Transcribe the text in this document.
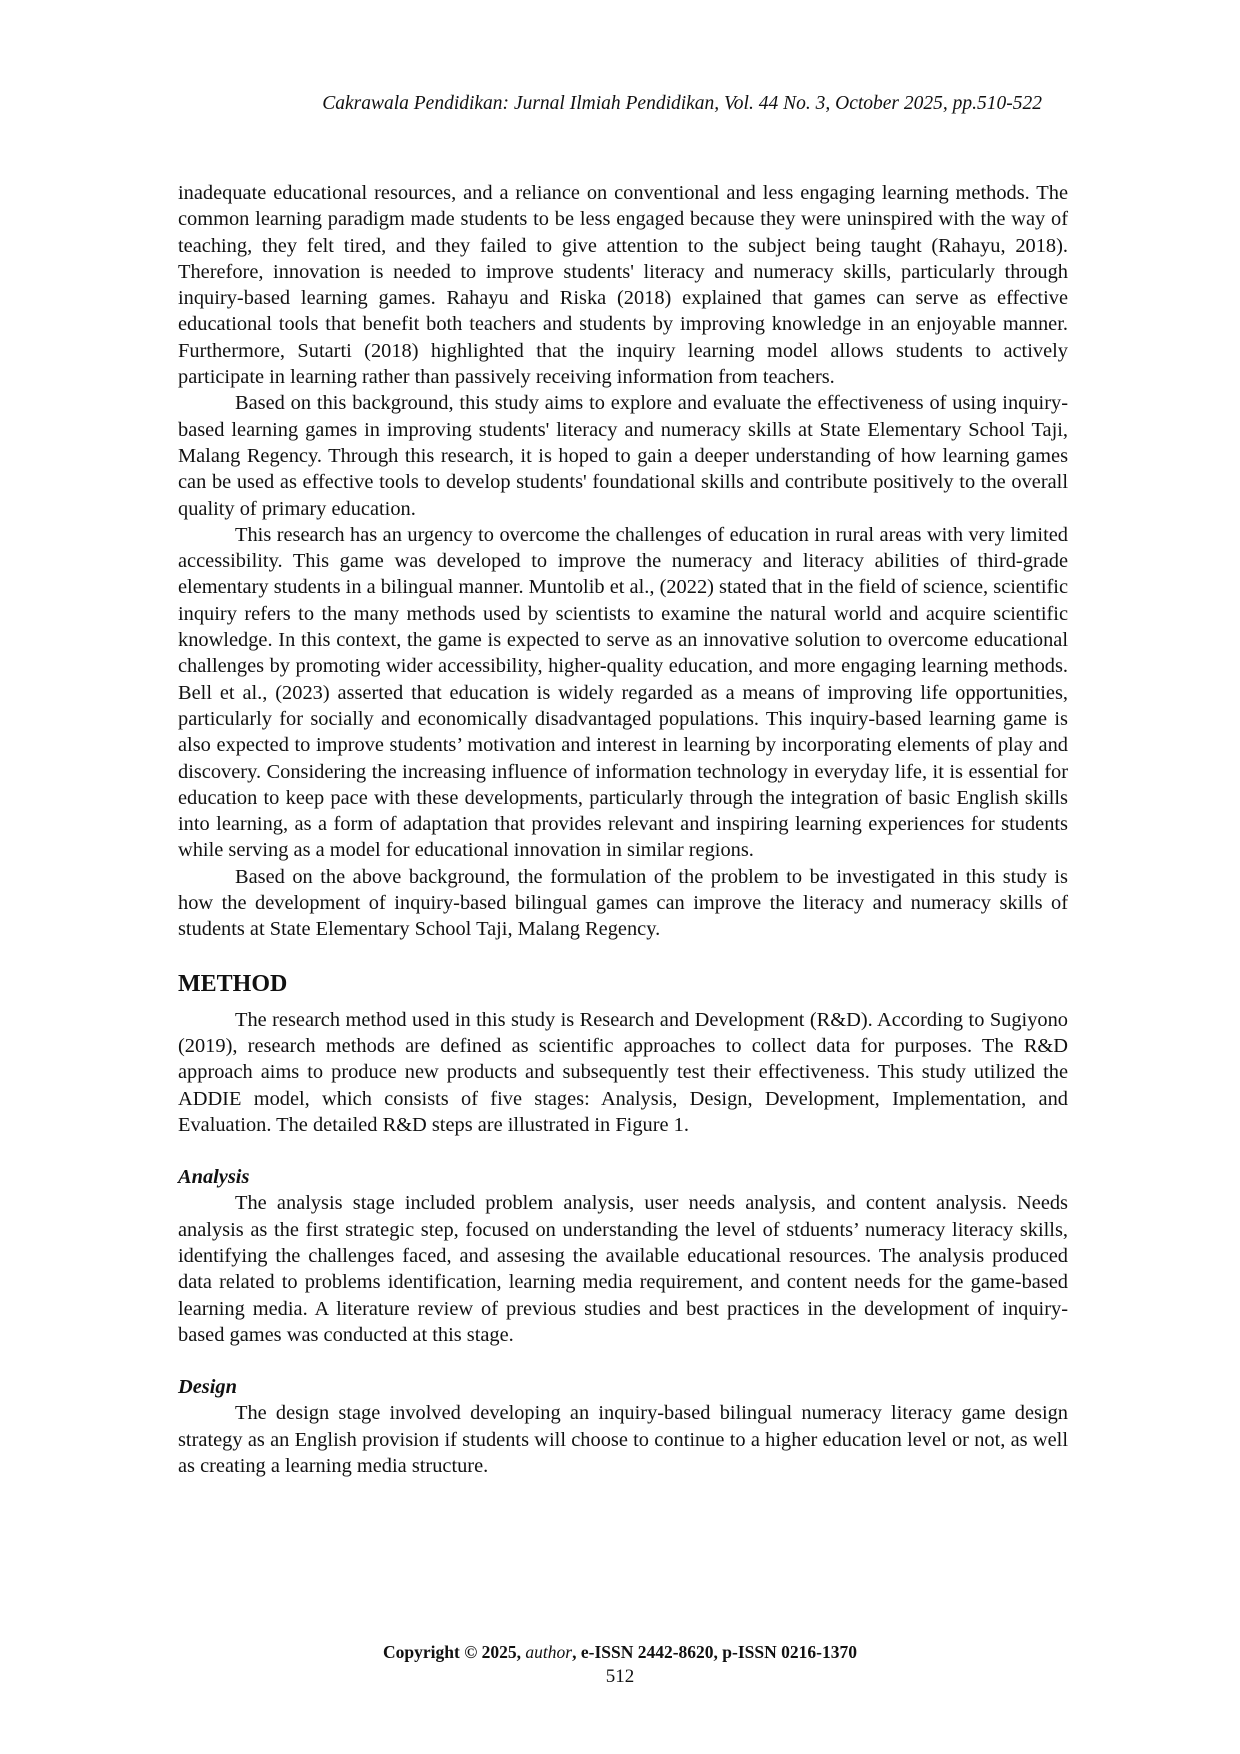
Cakrawala Pendidikan: Jurnal Ilmiah Pendidikan, Vol. 44 No. 3, October 2025, pp.510-522

inadequate educational resources, and a reliance on conventional and less engaging learning methods. The common learning paradigm made students to be less engaged because they were uninspired with the way of teaching, they felt tired, and they failed to give attention to the subject being taught (Rahayu, 2018). Therefore, innovation is needed to improve students' literacy and numeracy skills, particularly through inquiry-based learning games. Rahayu and Riska (2018) explained that games can serve as effective educational tools that benefit both teachers and students by improving knowledge in an enjoyable manner. Furthermore, Sutarti (2018) highlighted that the inquiry learning model allows students to actively participate in learning rather than passively receiving information from teachers.

Based on this background, this study aims to explore and evaluate the effectiveness of using inquiry-based learning games in improving students' literacy and numeracy skills at State Elementary School Taji, Malang Regency. Through this research, it is hoped to gain a deeper understanding of how learning games can be used as effective tools to develop students' foundational skills and contribute positively to the overall quality of primary education.

This research has an urgency to overcome the challenges of education in rural areas with very limited accessibility. This game was developed to improve the numeracy and literacy abilities of third-grade elementary students in a bilingual manner. Muntolib et al., (2022) stated that in the field of science, scientific inquiry refers to the many methods used by scientists to examine the natural world and acquire scientific knowledge. In this context, the game is expected to serve as an innovative solution to overcome educational challenges by promoting wider accessibility, higher-quality education, and more engaging learning methods. Bell et al., (2023) asserted that education is widely regarded as a means of improving life opportunities, particularly for socially and economically disadvantaged populations. This inquiry-based learning game is also expected to improve students’ motivation and interest in learning by incorporating elements of play and discovery. Considering the increasing influence of information technology in everyday life, it is essential for education to keep pace with these developments, particularly through the integration of basic English skills into learning, as a form of adaptation that provides relevant and inspiring learning experiences for students while serving as a model for educational innovation in similar regions.

Based on the above background, the formulation of the problem to be investigated in this study is how the development of inquiry-based bilingual games can improve the literacy and numeracy skills of students at State Elementary School Taji, Malang Regency.

METHOD

The research method used in this study is Research and Development (R&D). According to Sugiyono (2019), research methods are defined as scientific approaches to collect data for purposes. The R&D approach aims to produce new products and subsequently test their effectiveness. This study utilized the ADDIE model, which consists of five stages: Analysis, Design, Development, Implementation, and Evaluation. The detailed R&D steps are illustrated in Figure 1.

Analysis

The analysis stage included problem analysis, user needs analysis, and content analysis. Needs analysis as the first strategic step, focused on understanding the level of stduents’ numeracy literacy skills, identifying the challenges faced, and assesing the available educational resources. The analysis produced data related to problems identification, learning media requirement, and content needs for the game-based learning media. A literature review of previous studies and best practices in the development of inquiry-based games was conducted at this stage.

Design

The design stage involved developing an inquiry-based bilingual numeracy literacy game design strategy as an English provision if students will choose to continue to a higher education level or not, as well as creating a learning media structure.

Copyright © 2025, author, e-ISSN 2442-8620, p-ISSN 0216-1370
512
